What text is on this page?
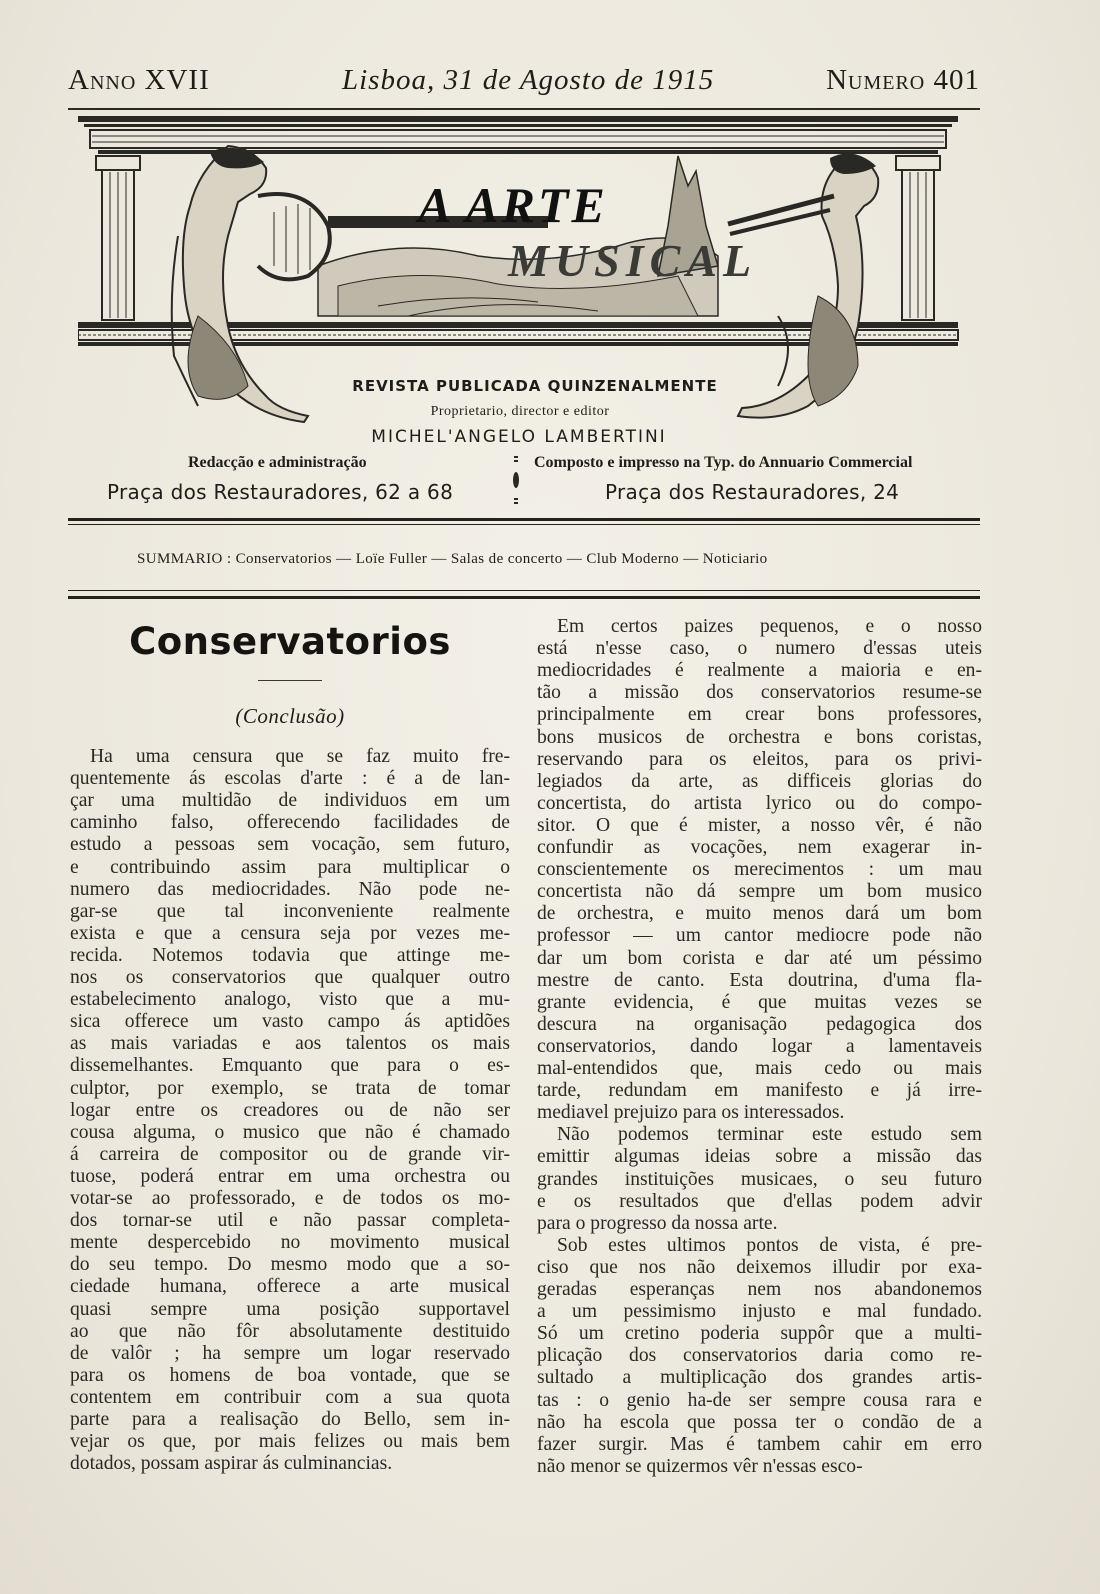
Anno XVII	Lisboa, 31 de Agosto de 1915	Numero 401
A ARTE
MUSICAL
REVISTA PUBLICADA QUINZENALMENTE
Proprietario, director e editor
MICHEL'ANGELO LAMBERTINI
Redacção e administração
Praça dos Restauradores, 62 a 68
Composto e impresso na Typ. do Annuario Commercial
Praça dos Restauradores, 24
SUMMARIO : Conservatorios — Loïe Fuller — Salas de concerto — Club Moderno — Noticiario
Conservatorios
(Conclusão)
Ha uma censura que se faz muito fre-
quentemente ás escolas d'arte : é a de lan-
çar uma multidão de individuos em um
caminho falso, offerecendo facilidades de
estudo a pessoas sem vocação, sem futuro,
e contribuindo assim para multiplicar o
numero das mediocridades. Não pode ne-
gar-se que tal inconveniente realmente
exista e que a censura seja por vezes me-
recida. Notemos todavia que attinge me-
nos os conservatorios que qualquer outro
estabelecimento analogo, visto que a mu-
sica offerece um vasto campo ás aptidões
as mais variadas e aos talentos os mais
dissemelhantes. Emquanto que para o es-
culptor, por exemplo, se trata de tomar
logar entre os creadores ou de não ser
cousa alguma, o musico que não é chamado
á carreira de compositor ou de grande vir-
tuose, poderá entrar em uma orchestra ou
votar-se ao professorado, e de todos os mo-
dos tornar-se util e não passar completa-
mente despercebido no movimento musical
do seu tempo. Do mesmo modo que a so-
ciedade humana, offerece a arte musical
quasi sempre uma posição supportavel
ao que não fôr absolutamente destituido
de valôr ; ha sempre um logar reservado
para os homens de boa vontade, que se
contentem em contribuir com a sua quota
parte para a realisação do Bello, sem in-
vejar os que, por mais felizes ou mais bem
dotados, possam aspirar ás culminancias.
Em certos paizes pequenos, e o nosso
está n'esse caso, o numero d'essas uteis
mediocridades é realmente a maioria e en-
tão a missão dos conservatorios resume-se
principalmente em crear bons professores,
bons musicos de orchestra e bons coristas,
reservando para os eleitos, para os privi-
legiados da arte, as difficeis glorias do
concertista, do artista lyrico ou do compo-
sitor. O que é mister, a nosso vêr, é não
confundir as vocações, nem exagerar in-
conscientemente os merecimentos : um mau
concertista não dá sempre um bom musico
de orchestra, e muito menos dará um bom
professor — um cantor mediocre pode não
dar um bom corista e dar até um péssimo
mestre de canto. Esta doutrina, d'uma fla-
grante evidencia, é que muitas vezes se
descura na organisação pedagogica dos
conservatorios, dando logar a lamentaveis
mal-entendidos que, mais cedo ou mais
tarde, redundam em manifesto e já irre-
mediavel prejuizo para os interessados.
Não podemos terminar este estudo sem
emittir algumas ideias sobre a missão das
grandes instituições musicaes, o seu futuro
e os resultados que d'ellas podem advir
para o progresso da nossa arte.
Sob estes ultimos pontos de vista, é pre-
ciso que nos não deixemos illudir por exa-
geradas esperanças nem nos abandonemos
a um pessimismo injusto e mal fundado.
Só um cretino poderia suppôr que a multi-
plicação dos conservatorios daria como re-
sultado a multiplicação dos grandes artis-
tas : o genio ha-de ser sempre cousa rara e
não ha escola que possa ter o condão de a
fazer surgir. Mas é tambem cahir em erro
não menor se quizermos vêr n'essas esco-
